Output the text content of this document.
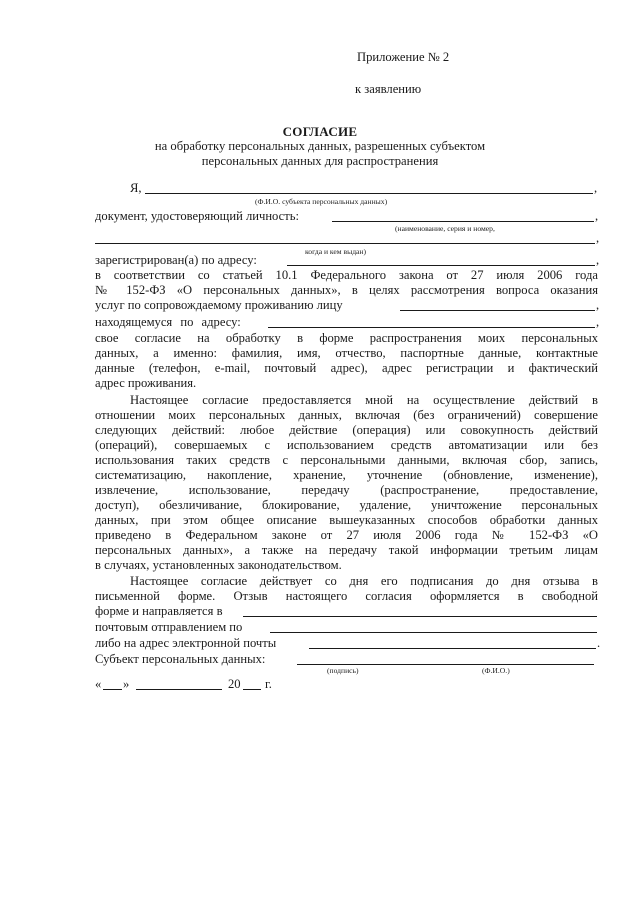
Приложение № 2
к заявлению
СОГЛАСИЕ
на обработку персональных данных, разрешенных субъектом
персональных данных для распространения
Я,	,
(Ф.И.О. субъекта персональных данных)
документ, удостоверяющий личность:	,
(наименование, серия и номер,
,
когда и кем выдан)
зарегистрирован(а) по адресу:	,
в соответствии со статьей 10.1 Федерального закона от 27 июля 2006 года
№ 152-ФЗ «О персональных данных», в целях рассмотрения вопроса оказания
услуг по сопровождаемому проживанию лицу	,
находящемуся по адресу:	,
свое согласие на обработку в форме распространения моих персональных
данных, а именно: фамилия, имя, отчество, паспортные данные, контактные
данные (телефон, e-mail, почтовый адрес), адрес регистрации и фактический
адрес проживания.
Настоящее согласие предоставляется мной на осуществление действий в
отношении моих персональных данных, включая (без ограничений) совершение
следующих действий: любое действие (операция) или совокупность действий
(операций), совершаемых с использованием средств автоматизации или без
использования таких средств с персональными данными, включая сбор, запись,
систематизацию, накопление, хранение, уточнение (обновление, изменение),
извлечение, использование, передачу (распространение, предоставление,
доступ), обезличивание, блокирование, удаление, уничтожение персональных
данных, при этом общее описание вышеуказанных способов обработки данных
приведено в Федеральном законе от 27 июля 2006 года № 152-ФЗ «О
персональных данных», а также на передачу такой информации третьим лицам
в случаях, установленных законодательством.
Настоящее согласие действует со дня его подписания до дня отзыва в
письменной форме. Отзыв настоящего согласия оформляется в свободной
форме и направляется в
почтовым отправлением по
либо на адрес электронной почты	.
Субъект персональных данных:
(подпись)	(Ф.И.О.)
« »	20 г.
